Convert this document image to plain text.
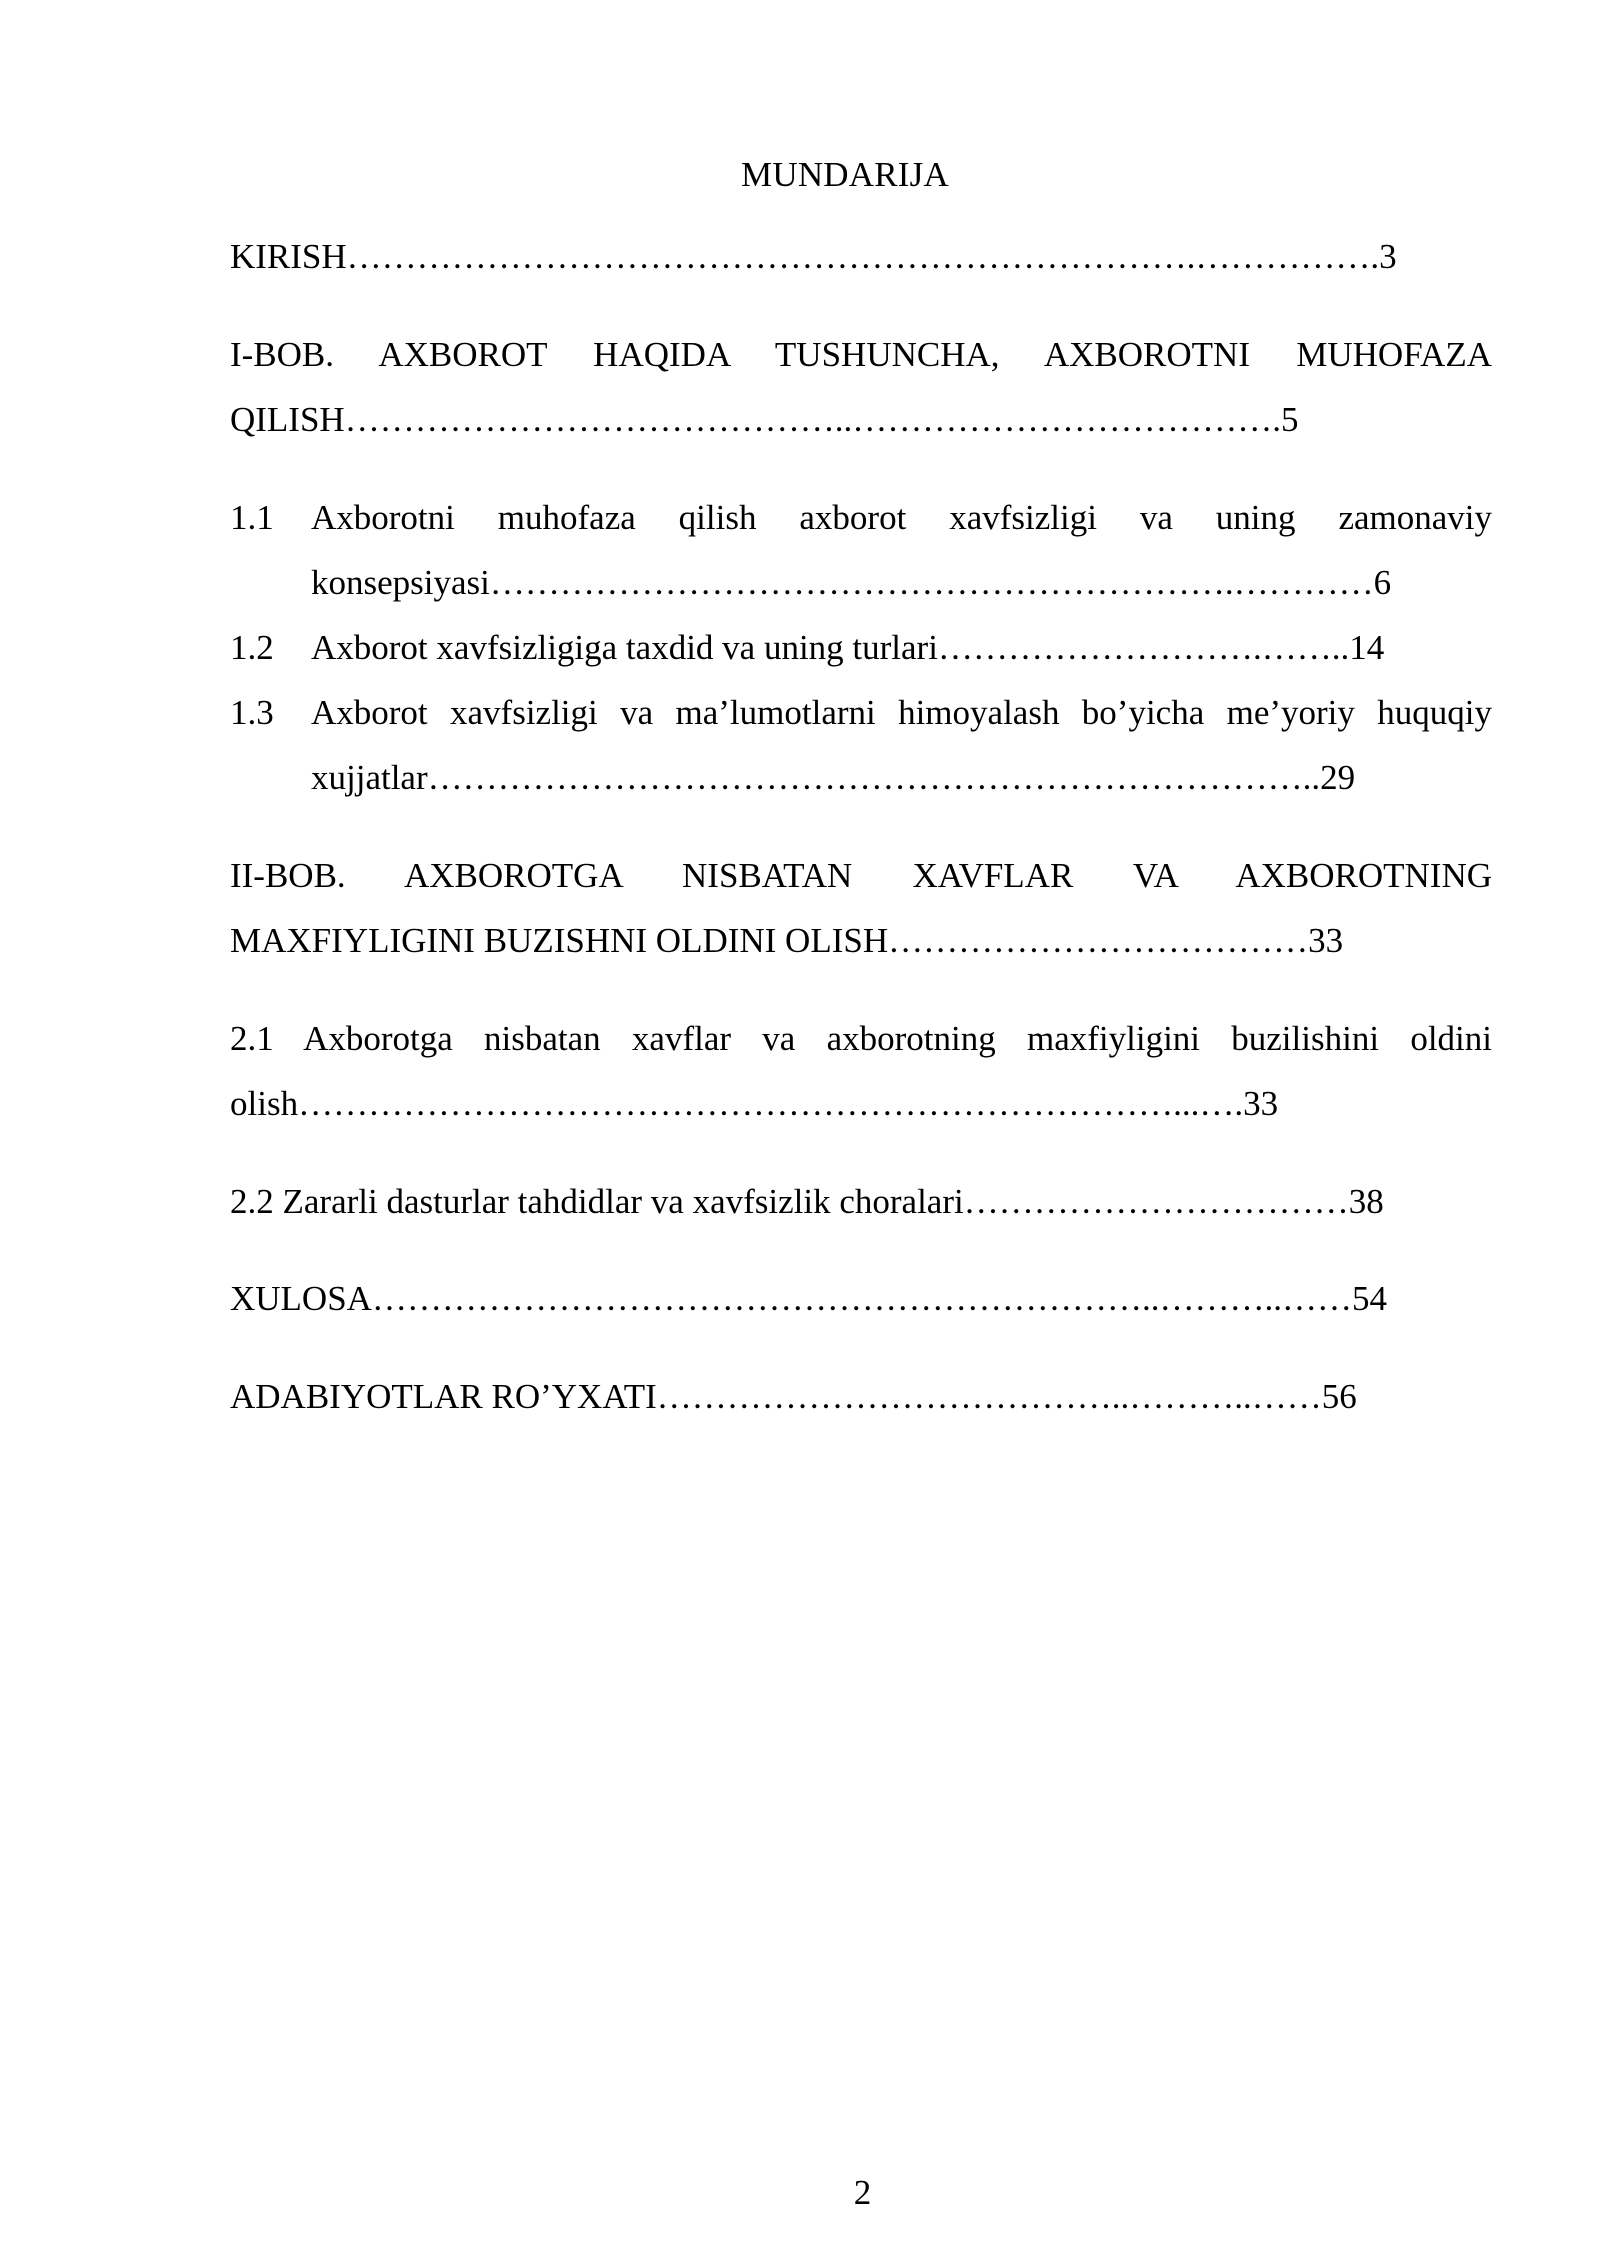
MUNDARIJA
KIRISH……………………………………………………………….…………….3
I-BOB. AXBOROT HAQIDA TUSHUNCHA, AXBOROTNI MUHOFAZA
QILISH……………………………………..……………………………….5
1.1 Axborotni muhofaza qilish axborot xavfsizligi va uning zamonaviy
konsepsiyasi……………………………………………………….…………6
1.2 Axborot xavfsizligiga taxdid va uning turlari……………………….……..14
1.3 Axborot xavfsizligi va ma’lumotlarni himoyalash bo’yicha me’yoriy huquqiy
xujjatlar…………………………………………………………………..29
II-BOB. AXBOROTGA NISBATAN XAVFLAR VA AXBOROTNING
MAXFIYLIGINI BUZISHNI OLDINI OLISH………………………………33
2.1 Axborotga nisbatan xavflar va axborotning maxfiyligini buzilishini oldini
olish…………………………………………………………………...….33
2.2 Zararli dasturlar tahdidlar va xavfsizlik choralari……………………………38
XULOSA…………………………………………………………..………..……54
ADABIYOTLAR RO’YXATI…………………………………..………..……56
2
